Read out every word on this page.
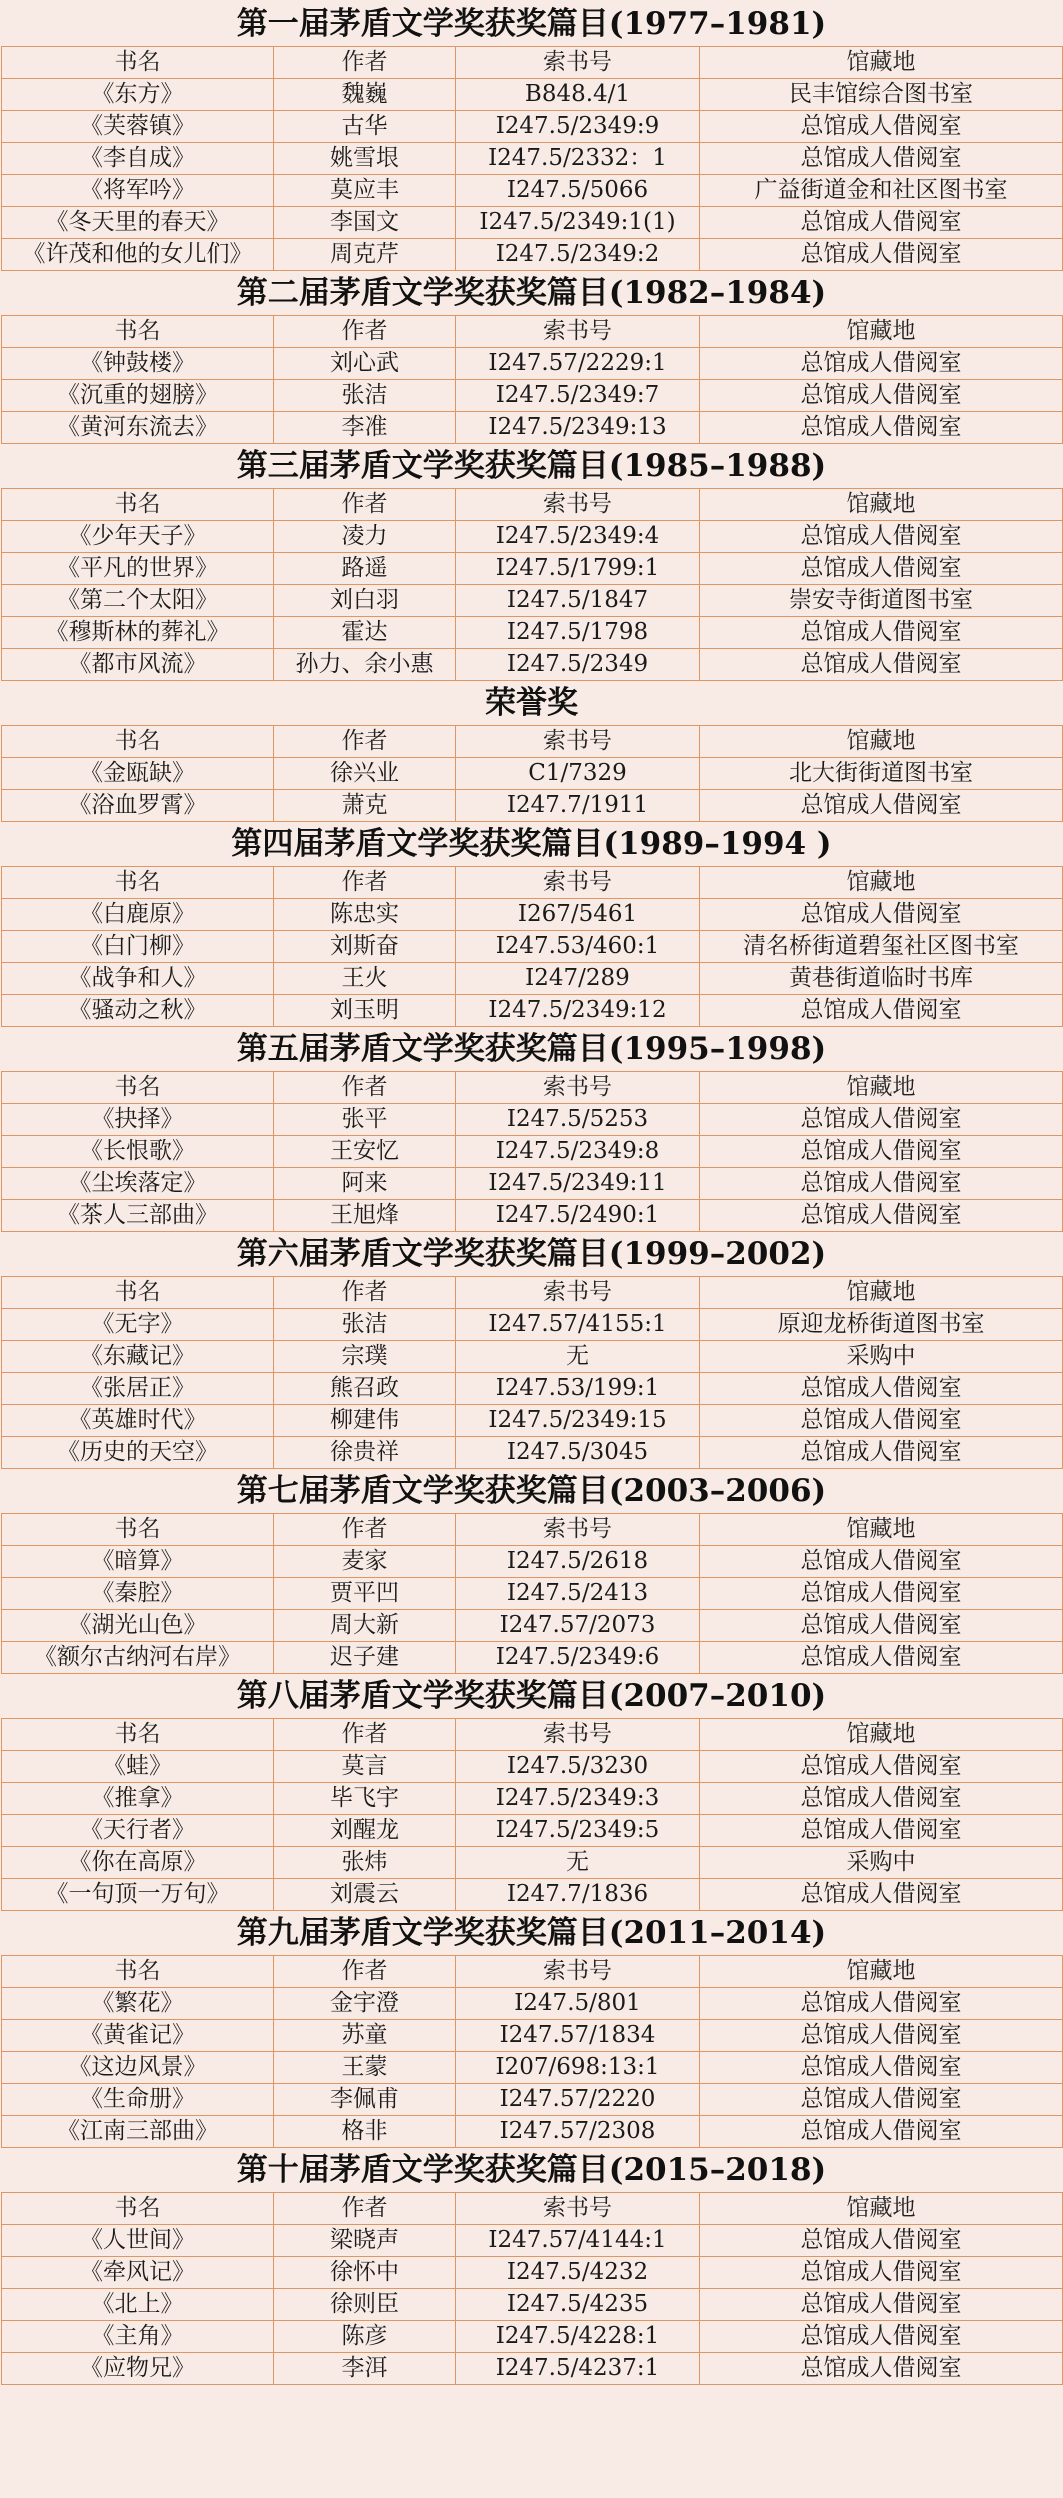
第一届茅盾文学奖获奖篇目(1977–1981)
书名	作者	索书号	馆藏地
《东方》	魏巍	B848.4/1	民丰馆综合图书室
《芙蓉镇》	古华	I247.5/2349:9	总馆成人借阅室
《李自成》	姚雪垠	I247.5/2332：1	总馆成人借阅室
《将军吟》	莫应丰	I247.5/5066	广益街道金和社区图书室
《冬天里的春天》	李国文	I247.5/2349:1(1)	总馆成人借阅室
《许茂和他的女儿们》	周克芹	I247.5/2349:2	总馆成人借阅室
第二届茅盾文学奖获奖篇目(1982–1984)
书名	作者	索书号	馆藏地
《钟鼓楼》	刘心武	I247.57/2229:1	总馆成人借阅室
《沉重的翅膀》	张洁	I247.5/2349:7	总馆成人借阅室
《黄河东流去》	李准	I247.5/2349:13	总馆成人借阅室
第三届茅盾文学奖获奖篇目(1985–1988)
书名	作者	索书号	馆藏地
《少年天子》	凌力	I247.5/2349:4	总馆成人借阅室
《平凡的世界》	路遥	I247.5/1799:1	总馆成人借阅室
《第二个太阳》	刘白羽	I247.5/1847	崇安寺街道图书室
《穆斯林的葬礼》	霍达	I247.5/1798	总馆成人借阅室
《都市风流》	孙力、余小惠	I247.5/2349	总馆成人借阅室
荣誉奖
书名	作者	索书号	馆藏地
《金瓯缺》	徐兴业	C1/7329	北大街街道图书室
《浴血罗霄》	萧克	I247.7/1911	总馆成人借阅室
第四届茅盾文学奖获奖篇目(1989–1994 )
书名	作者	索书号	馆藏地
《白鹿原》	陈忠实	I267/5461	总馆成人借阅室
《白门柳》	刘斯奋	I247.53/460:1	清名桥街道碧玺社区图书室
《战争和人》	王火	I247/289	黄巷街道临时书库
《骚动之秋》	刘玉明	I247.5/2349:12	总馆成人借阅室
第五届茅盾文学奖获奖篇目(1995–1998)
书名	作者	索书号	馆藏地
《抉择》	张平	I247.5/5253	总馆成人借阅室
《长恨歌》	王安忆	I247.5/2349:8	总馆成人借阅室
《尘埃落定》	阿来	I247.5/2349:11	总馆成人借阅室
《茶人三部曲》	王旭烽	I247.5/2490:1	总馆成人借阅室
第六届茅盾文学奖获奖篇目(1999–2002)
书名	作者	索书号	馆藏地
《无字》	张洁	I247.57/4155:1	原迎龙桥街道图书室
《东藏记》	宗璞	无	采购中
《张居正》	熊召政	I247.53/199:1	总馆成人借阅室
《英雄时代》	柳建伟	I247.5/2349:15	总馆成人借阅室
《历史的天空》	徐贵祥	I247.5/3045	总馆成人借阅室
第七届茅盾文学奖获奖篇目(2003–2006)
书名	作者	索书号	馆藏地
《暗算》	麦家	I247.5/2618	总馆成人借阅室
《秦腔》	贾平凹	I247.5/2413	总馆成人借阅室
《湖光山色》	周大新	I247.57/2073	总馆成人借阅室
《额尔古纳河右岸》	迟子建	I247.5/2349:6	总馆成人借阅室
第八届茅盾文学奖获奖篇目(2007–2010)
书名	作者	索书号	馆藏地
《蛙》	莫言	I247.5/3230	总馆成人借阅室
《推拿》	毕飞宇	I247.5/2349:3	总馆成人借阅室
《天行者》	刘醒龙	I247.5/2349:5	总馆成人借阅室
《你在高原》	张炜	无	采购中
《一句顶一万句》	刘震云	I247.7/1836	总馆成人借阅室
第九届茅盾文学奖获奖篇目(2011–2014)
书名	作者	索书号	馆藏地
《繁花》	金宇澄	I247.5/801	总馆成人借阅室
《黄雀记》	苏童	I247.57/1834	总馆成人借阅室
《这边风景》	王蒙	I207/698:13:1	总馆成人借阅室
《生命册》	李佩甫	I247.57/2220	总馆成人借阅室
《江南三部曲》	格非	I247.57/2308	总馆成人借阅室
第十届茅盾文学奖获奖篇目(2015–2018)
书名	作者	索书号	馆藏地
《人世间》	梁晓声	I247.57/4144:1	总馆成人借阅室
《牵风记》	徐怀中	I247.5/4232	总馆成人借阅室
《北上》	徐则臣	I247.5/4235	总馆成人借阅室
《主角》	陈彦	I247.5/4228:1	总馆成人借阅室
《应物兄》	李洱	I247.5/4237:1	总馆成人借阅室
